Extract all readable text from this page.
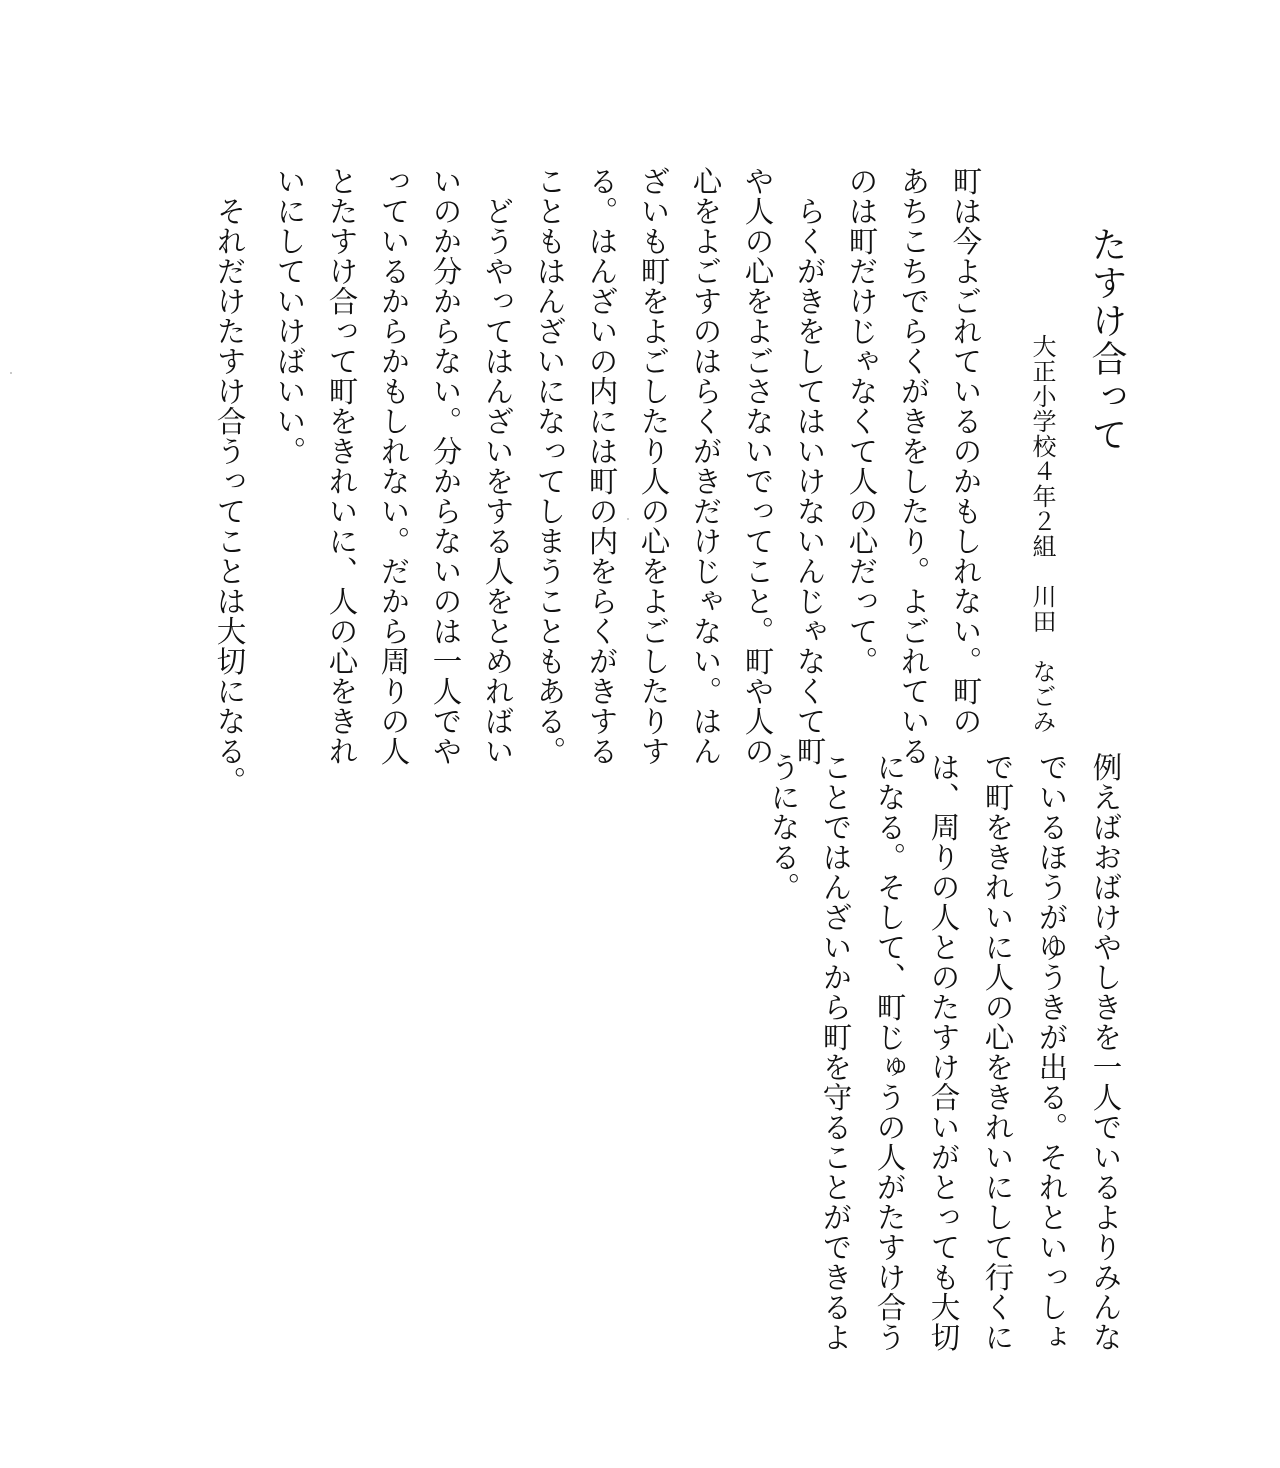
たすけ合って
大正小学校４年２組　川田　なごみ
町は今よごれているのかもしれない。町の
あちこちでらくがきをしたり。よごれている
のは町だけじゃなくて人の心だって。
　らくがきをしてはいけないんじゃなくて町
や人の心をよごさないでってこと。町や人の
心をよごすのはらくがきだけじゃない。はん
ざいも町をよごしたり人の心をよごしたりす
る。はんざいの内には町の内をらくがきする
こともはんざいになってしまうこともある。
　どうやってはんざいをする人をとめればい
いのか分からない。分からないのは一人でや
っているからかもしれない。だから周りの人
とたすけ合って町をきれいに、人の心をきれ
いにしていけばいい。
　それだけたすけ合うってことは大切になる。
例えばおばけやしきを一人でいるよりみんな
でいるほうがゆうきが出る。それといっしょ
で町をきれいに人の心をきれいにして行くに
は、周りの人とのたすけ合いがとっても大切
になる。そして、町じゅうの人がたすけ合う
ことではんざいから町を守ることができるよ
うになる。
